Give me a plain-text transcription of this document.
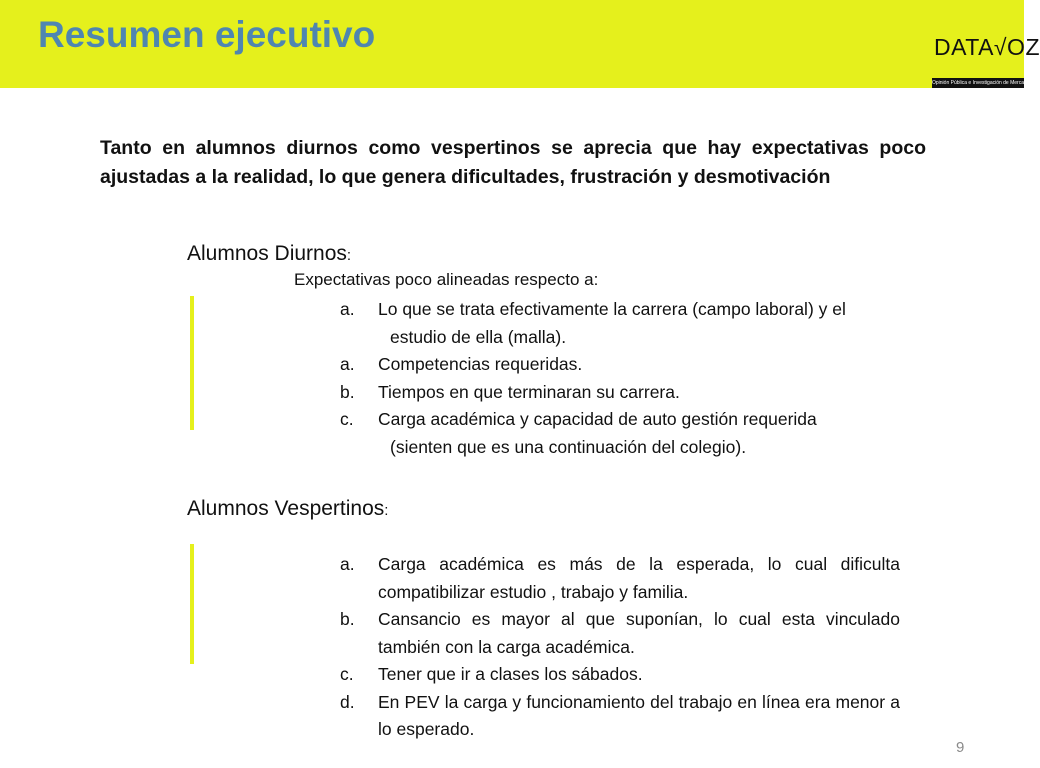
Resumen ejecutivo	DATA√OZ
Opinión Pública e Investigación de Mercado
Tanto en alumnos diurnos como vespertinos se aprecia que hay expectativas poco ajustadas a la realidad, lo que genera dificultades, frustración y desmotivación
Alumnos Diurnos:
Expectativas poco alineadas respecto a:
a. Lo que se trata efectivamente la carrera (campo laboral) y el
estudio de ella (malla).
a. Competencias requeridas.
b. Tiempos en que terminaran su carrera.
c. Carga académica y capacidad de auto gestión requerida
(sienten que es una continuación del colegio).
Alumnos Vespertinos:
a. Carga académica es más de la esperada, lo cual dificulta compatibilizar estudio , trabajo y familia.
b. Cansancio es mayor al que suponían, lo cual esta vinculado también con la carga académica.
c. Tener que ir a clases los sábados.
d. En PEV la carga y funcionamiento del trabajo en línea era menor a lo esperado.
9
